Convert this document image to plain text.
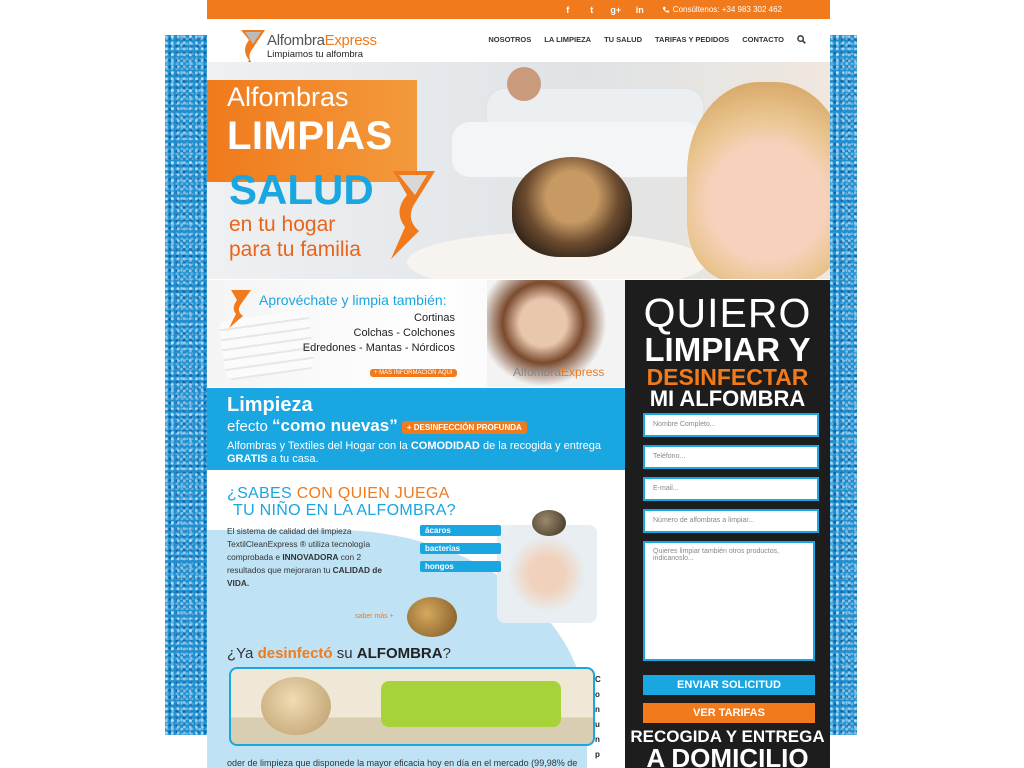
f	t	g+	in	Consúltenos: +34 983 302 462
AlfombraExpress
Limpiamos tu alfombra
NOSOTROS LA LIMPIEZA TU SALUD TARIFAS Y PEDIDOS CONTACTO
Alfombras
LIMPIAS
SALUD
en tu hogar
para tu familia
Aprovéchate y limpia también:
Cortinas
Colchas - Colchones
Edredones - Mantas - Nórdicos
+ MÁS INFORMACIÓN AQUÍ	AlfombraExpress
Limpieza
efecto “como nuevas” + DESINFECCIÓN PROFUNDA
Alfombras y Textiles del Hogar con la COMODIDAD de la recogida y entrega GRATIS a tu casa.
¿SABES CON QUIEN JUEGA
TU NIÑO EN LA ALFOMBRA?
El sistema de calidad del limpieza TextilCleanExpress ® utiliza tecnología comprobada e INNOVADORA con 2 resultados que mejoraran tu CALIDAD de VIDA.
ácaros
bacterias
hongos
saber más +
¿Ya desinfectó su ALFOMBRA?
Conunp
oder de limpieza que disponede la mayor eficacia hoy en día en el mercado (99,98% de
QUIERO
LIMPIAR Y
DESINFECTAR
MI ALFOMBRA
Nombre Completo...
Teléfono...
E-mail...
Número de alfombras a limpiar...
Quieres limpiar también otros productos, indicanoslo...
ENVIAR SOLICITUD
VER TARIFAS
RECOGIDA Y ENTREGA
A DOMICILIO
